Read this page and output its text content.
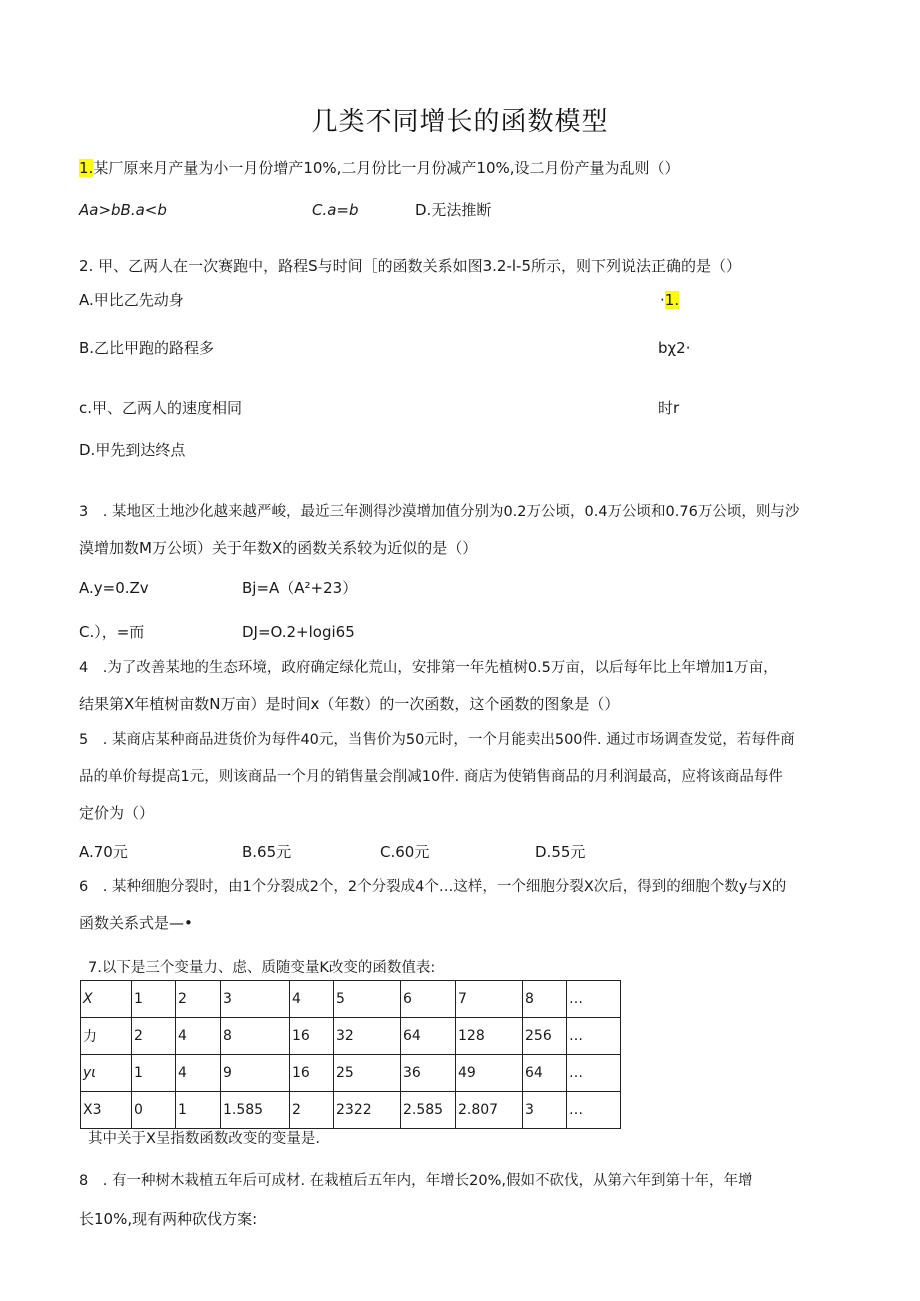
几类不同增长的函数模型
1.某厂原来月产量为小一月份增产10%,二月份比一月份减产10%,设二月份产量为乱则（）
Aa>bB.a<b	C.a=b	D.无法推断
2. 甲、乙两人在一次赛跑中，路程S与时间［的函数关系如图3.2-l-5所示，则下列说法正确的是（）
A.甲比乙先动身	·1.
B.乙比甲跑的路程多	bχ2·
c.甲、乙两人的速度相同	时r
D.甲先到达终点
3　. 某地区土地沙化越来越严峻，最近三年测得沙漠增加值分别为0.2万公顷，0.4万公顷和0.76万公顷，则与沙
漠增加数M万公顷）关于年数X的函数关系较为近似的是（）
A.y=0.Zv	Bj=A（A²+23）
C.），=而	DJ=O.2+logi65
4　.为了改善某地的生态环境，政府确定绿化荒山，安排第一年先植树0.5万亩，以后每年比上年增加1万亩，
结果第X年植树亩数N万亩）是时间x（年数）的一次函数，这个函数的图象是（）
5　. 某商店某种商品进货价为每件40元，当售价为50元时，一个月能卖出500件. 通过市场调查发觉，若每件商
品的单价每提高1元，则该商品一个月的销售量会削减10件. 商店为使销售商品的月利润最高，应将该商品每件
定价为（）
A.70元	B.65元	C.60元	D.55元
6　. 某种细胞分裂时，由1个分裂成2个，2个分裂成4个…这样，一个细胞分裂X次后，得到的细胞个数y与X的
函数关系式是—•
7.以下是三个变量力、虑、质随变量K改变的函数值表:
X	1	2	3	4	5	6	7	8	…
力	2	4	8	16	32	64	128	256	…
yι	1	4	9	16	25	36	49	64	…
X3	0	1	1.585	2	2322	2.585	2.807	3	…
其中关于X呈指数函数改变的变量是.
8　. 有一种树木栽植五年后可成材. 在栽植后五年内，年增长20%,假如不砍伐，从第六年到第十年，年增
长10%,现有两种砍伐方案:
